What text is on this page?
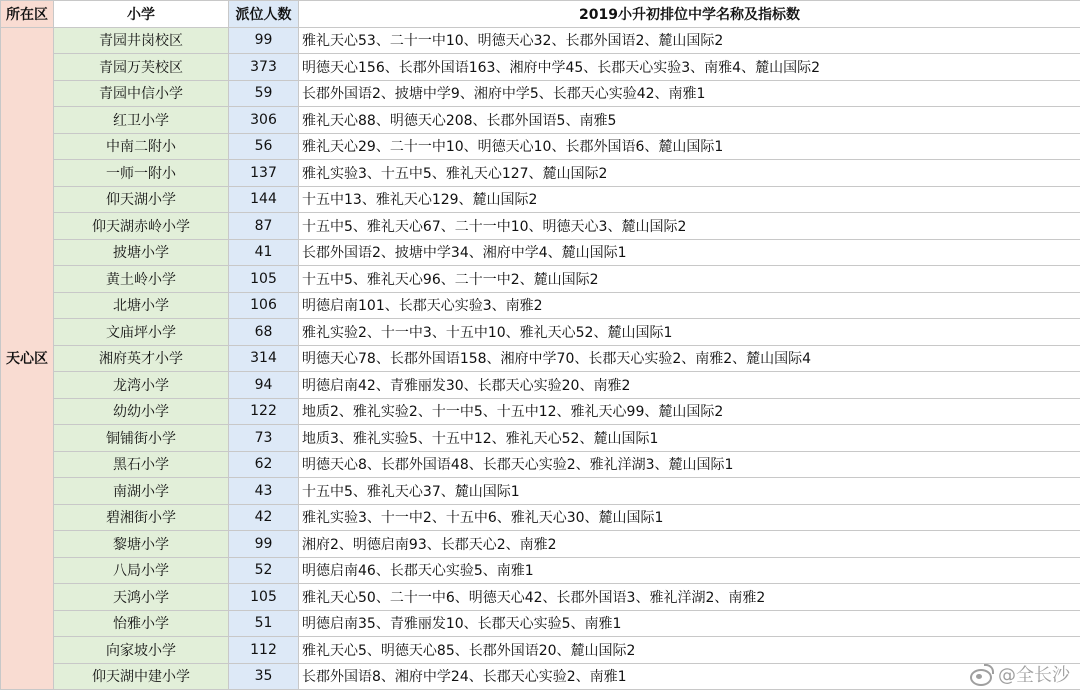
所在区	小学	派位人数	2019小升初排位中学名称及指标数
天心区	青园井岗校区	99	雅礼天心53、二十一中10、明德天心32、长郡外国语2、麓山国际2
	青园万芙校区	373	明德天心156、长郡外国语163、湘府中学45、长郡天心实验3、南雅4、麓山国际2
	青园中信小学	59	长郡外国语2、披塘中学9、湘府中学5、长郡天心实验42、南雅1
	红卫小学	306	雅礼天心88、明德天心208、长郡外国语5、南雅5
	中南二附小	56	雅礼天心29、二十一中10、明德天心10、长郡外国语6、麓山国际1
	一师一附小	137	雅礼实验3、十五中5、雅礼天心127、麓山国际2
	仰天湖小学	144	十五中13、雅礼天心129、麓山国际2
	仰天湖赤岭小学	87	十五中5、雅礼天心67、二十一中10、明德天心3、麓山国际2
	披塘小学	41	长郡外国语2、披塘中学34、湘府中学4、麓山国际1
	黄土岭小学	105	十五中5、雅礼天心96、二十一中2、麓山国际2
	北塘小学	106	明德启南101、长郡天心实验3、南雅2
	文庙坪小学	68	雅礼实验2、十一中3、十五中10、雅礼天心52、麓山国际1
	湘府英才小学	314	明德天心78、长郡外国语158、湘府中学70、长郡天心实验2、南雅2、麓山国际4
	龙湾小学	94	明德启南42、青雅丽发30、长郡天心实验20、南雅2
	幼幼小学	122	地质2、雅礼实验2、十一中5、十五中12、雅礼天心99、麓山国际2
	铜铺街小学	73	地质3、雅礼实验5、十五中12、雅礼天心52、麓山国际1
	黑石小学	62	明德天心8、长郡外国语48、长郡天心实验2、雅礼洋湖3、麓山国际1
	南湖小学	43	十五中5、雅礼天心37、麓山国际1
	碧湘街小学	42	雅礼实验3、十一中2、十五中6、雅礼天心30、麓山国际1
	黎塘小学	99	湘府2、明德启南93、长郡天心2、南雅2
	八局小学	52	明德启南46、长郡天心实验5、南雅1
	天鸿小学	105	雅礼天心50、二十一中6、明德天心42、长郡外国语3、雅礼洋湖2、南雅2
	怡雅小学	51	明德启南35、青雅丽发10、长郡天心实验5、南雅1
	向家坡小学	112	雅礼天心5、明德天心85、长郡外国语20、麓山国际2
	仰天湖中建小学	35	长郡外国语8、湘府中学24、长郡天心实验2、南雅1	@全长沙
